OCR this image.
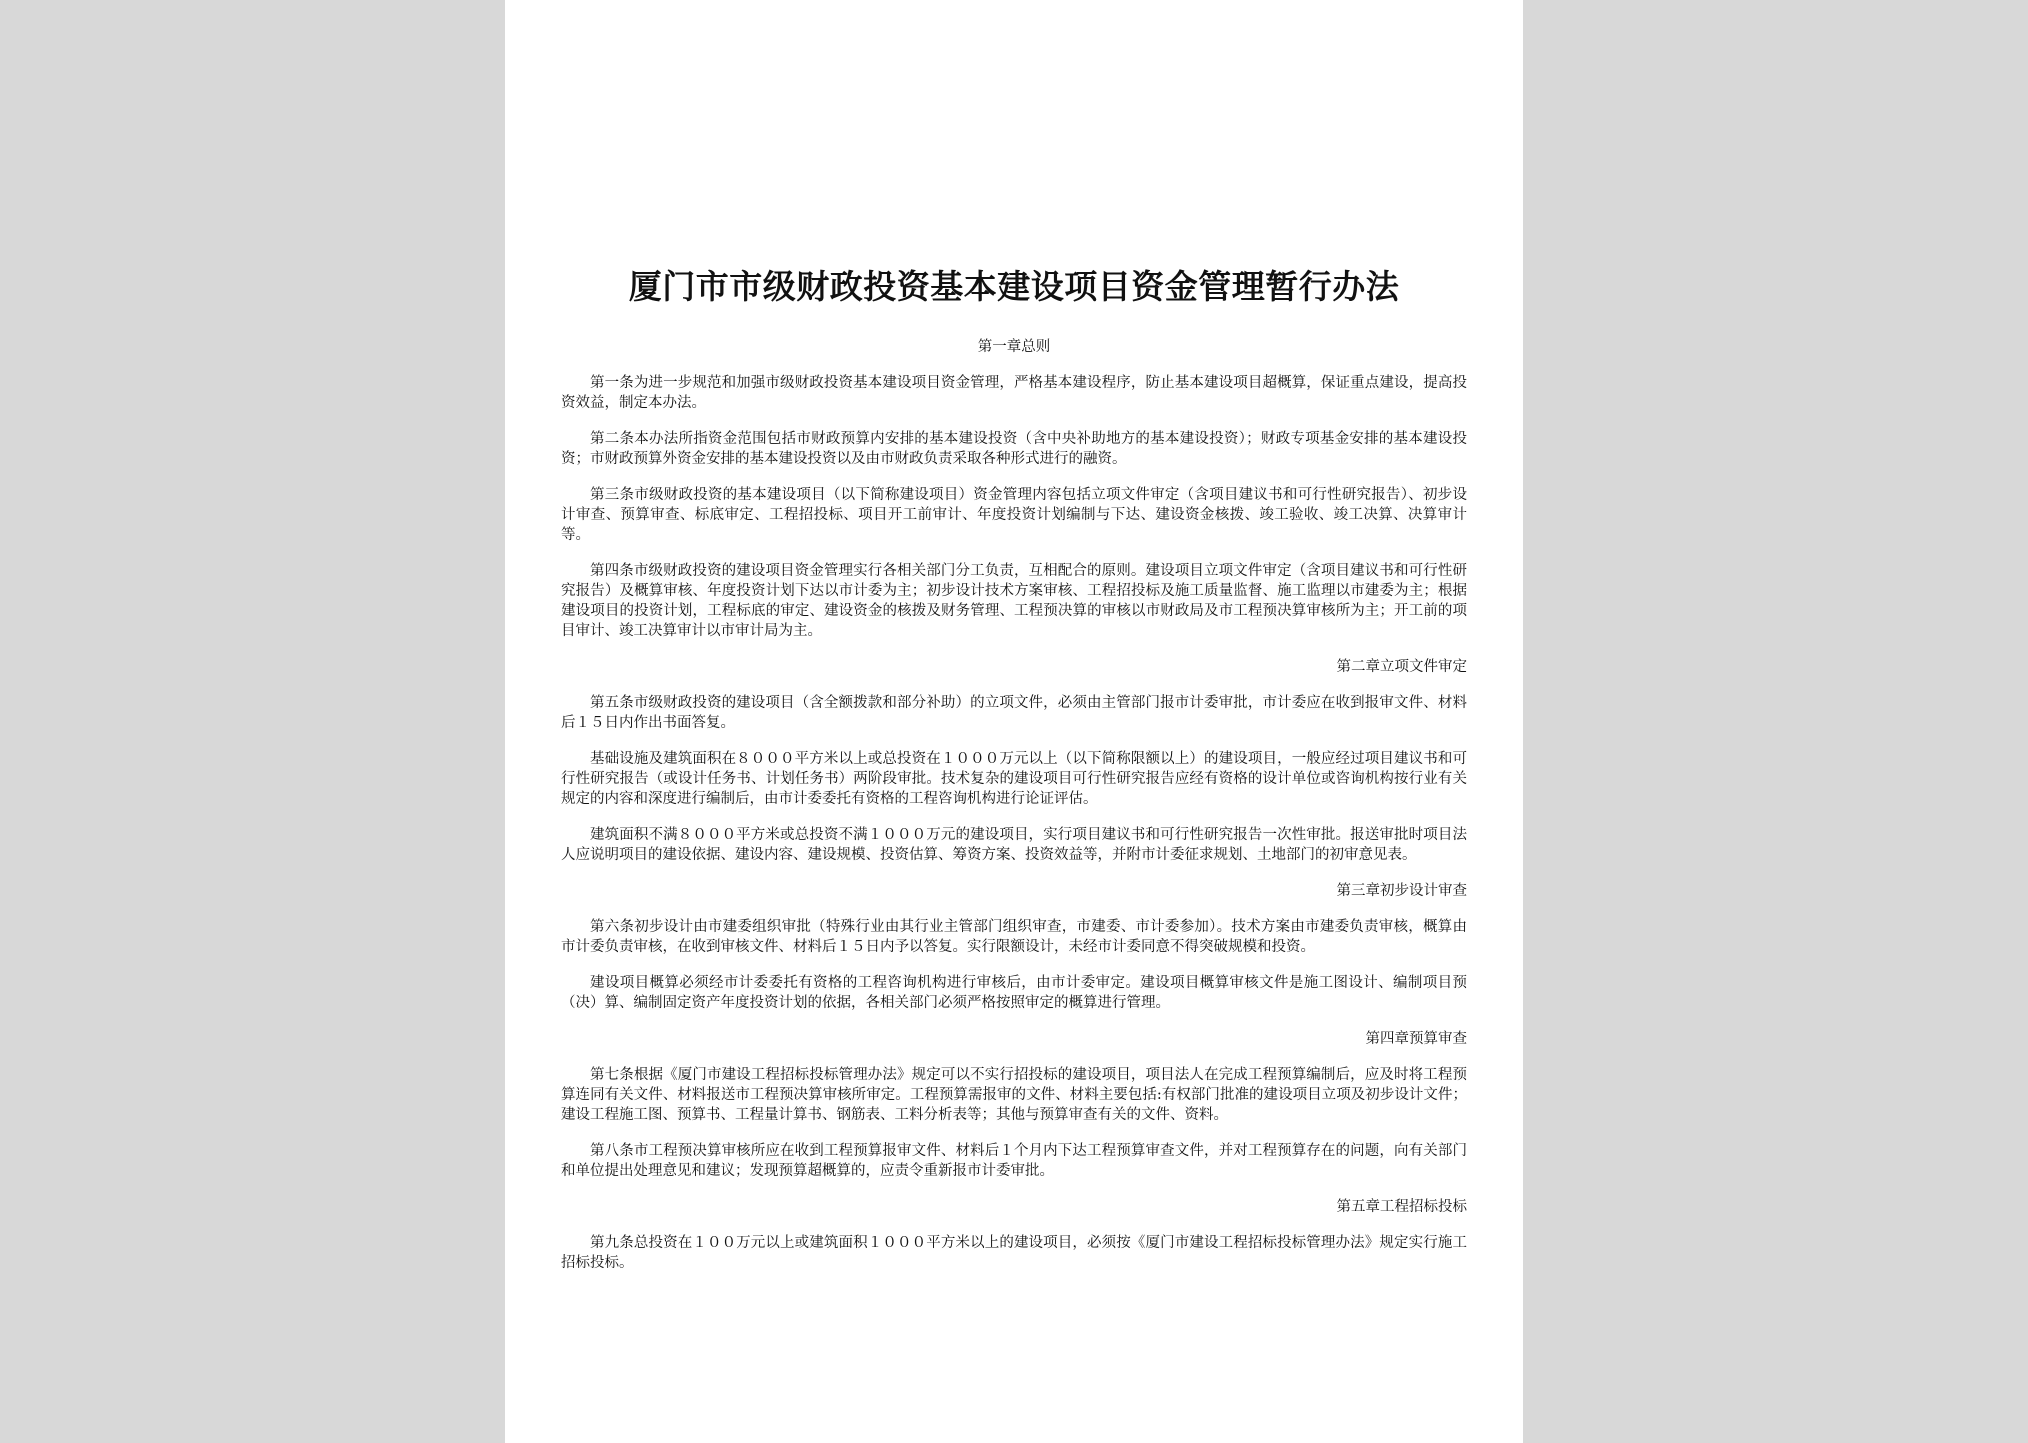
厦门市市级财政投资基本建设项目资金管理暂行办法

第一章总则

第一条为进一步规范和加强市级财政投资基本建设项目资金管理，严格基本建设程序，防止基本建设项目超概算，保证重点建设，提高投资效益，制定本办法。

第二条本办法所指资金范围包括市财政预算内安排的基本建设投资（含中央补助地方的基本建设投资）；财政专项基金安排的基本建设投资；市财政预算外资金安排的基本建设投资以及由市财政负责采取各种形式进行的融资。

第三条市级财政投资的基本建设项目（以下简称建设项目）资金管理内容包括立项文件审定（含项目建议书和可行性研究报告）、初步设计审查、预算审查、标底审定、工程招投标、项目开工前审计、年度投资计划编制与下达、建设资金核拨、竣工验收、竣工决算、决算审计等。

第四条市级财政投资的建设项目资金管理实行各相关部门分工负责，互相配合的原则。建设项目立项文件审定（含项目建议书和可行性研究报告）及概算审核、年度投资计划下达以市计委为主；初步设计技术方案审核、工程招投标及施工质量监督、施工监理以市建委为主；根据建设项目的投资计划，工程标底的审定、建设资金的核拨及财务管理、工程预决算的审核以市财政局及市工程预决算审核所为主；开工前的项目审计、竣工决算审计以市审计局为主。

第二章立项文件审定

第五条市级财政投资的建设项目（含全额拨款和部分补助）的立项文件，必须由主管部门报市计委审批，市计委应在收到报审文件、材料后１５日内作出书面答复。

基础设施及建筑面积在８０００平方米以上或总投资在１０００万元以上（以下简称限额以上）的建设项目，一般应经过项目建议书和可行性研究报告（或设计任务书、计划任务书）两阶段审批。技术复杂的建设项目可行性研究报告应经有资格的设计单位或咨询机构按行业有关规定的内容和深度进行编制后，由市计委委托有资格的工程咨询机构进行论证评估。

建筑面积不满８０００平方米或总投资不满１０００万元的建设项目，实行项目建议书和可行性研究报告一次性审批。报送审批时项目法人应说明项目的建设依据、建设内容、建设规模、投资估算、筹资方案、投资效益等，并附市计委征求规划、土地部门的初审意见表。

第三章初步设计审查

第六条初步设计由市建委组织审批（特殊行业由其行业主管部门组织审查，市建委、市计委参加）。技术方案由市建委负责审核，概算由市计委负责审核，在收到审核文件、材料后１５日内予以答复。实行限额设计，未经市计委同意不得突破规模和投资。

建设项目概算必须经市计委委托有资格的工程咨询机构进行审核后，由市计委审定。建设项目概算审核文件是施工图设计、编制项目预（决）算、编制固定资产年度投资计划的依据，各相关部门必须严格按照审定的概算进行管理。

第四章预算审查

第七条根据《厦门市建设工程招标投标管理办法》规定可以不实行招投标的建设项目，项目法人在完成工程预算编制后，应及时将工程预算连同有关文件、材料报送市工程预决算审核所审定。工程预算需报审的文件、材料主要包括:有权部门批准的建设项目立项及初步设计文件；建设工程施工图、预算书、工程量计算书、钢筋表、工料分析表等；其他与预算审查有关的文件、资料。

第八条市工程预决算审核所应在收到工程预算报审文件、材料后１个月内下达工程预算审查文件，并对工程预算存在的问题，向有关部门和单位提出处理意见和建议；发现预算超概算的，应责令重新报市计委审批。

第五章工程招标投标

第九条总投资在１００万元以上或建筑面积１０００平方米以上的建设项目，必须按《厦门市建设工程招标投标管理办法》规定实行施工招标投标。
